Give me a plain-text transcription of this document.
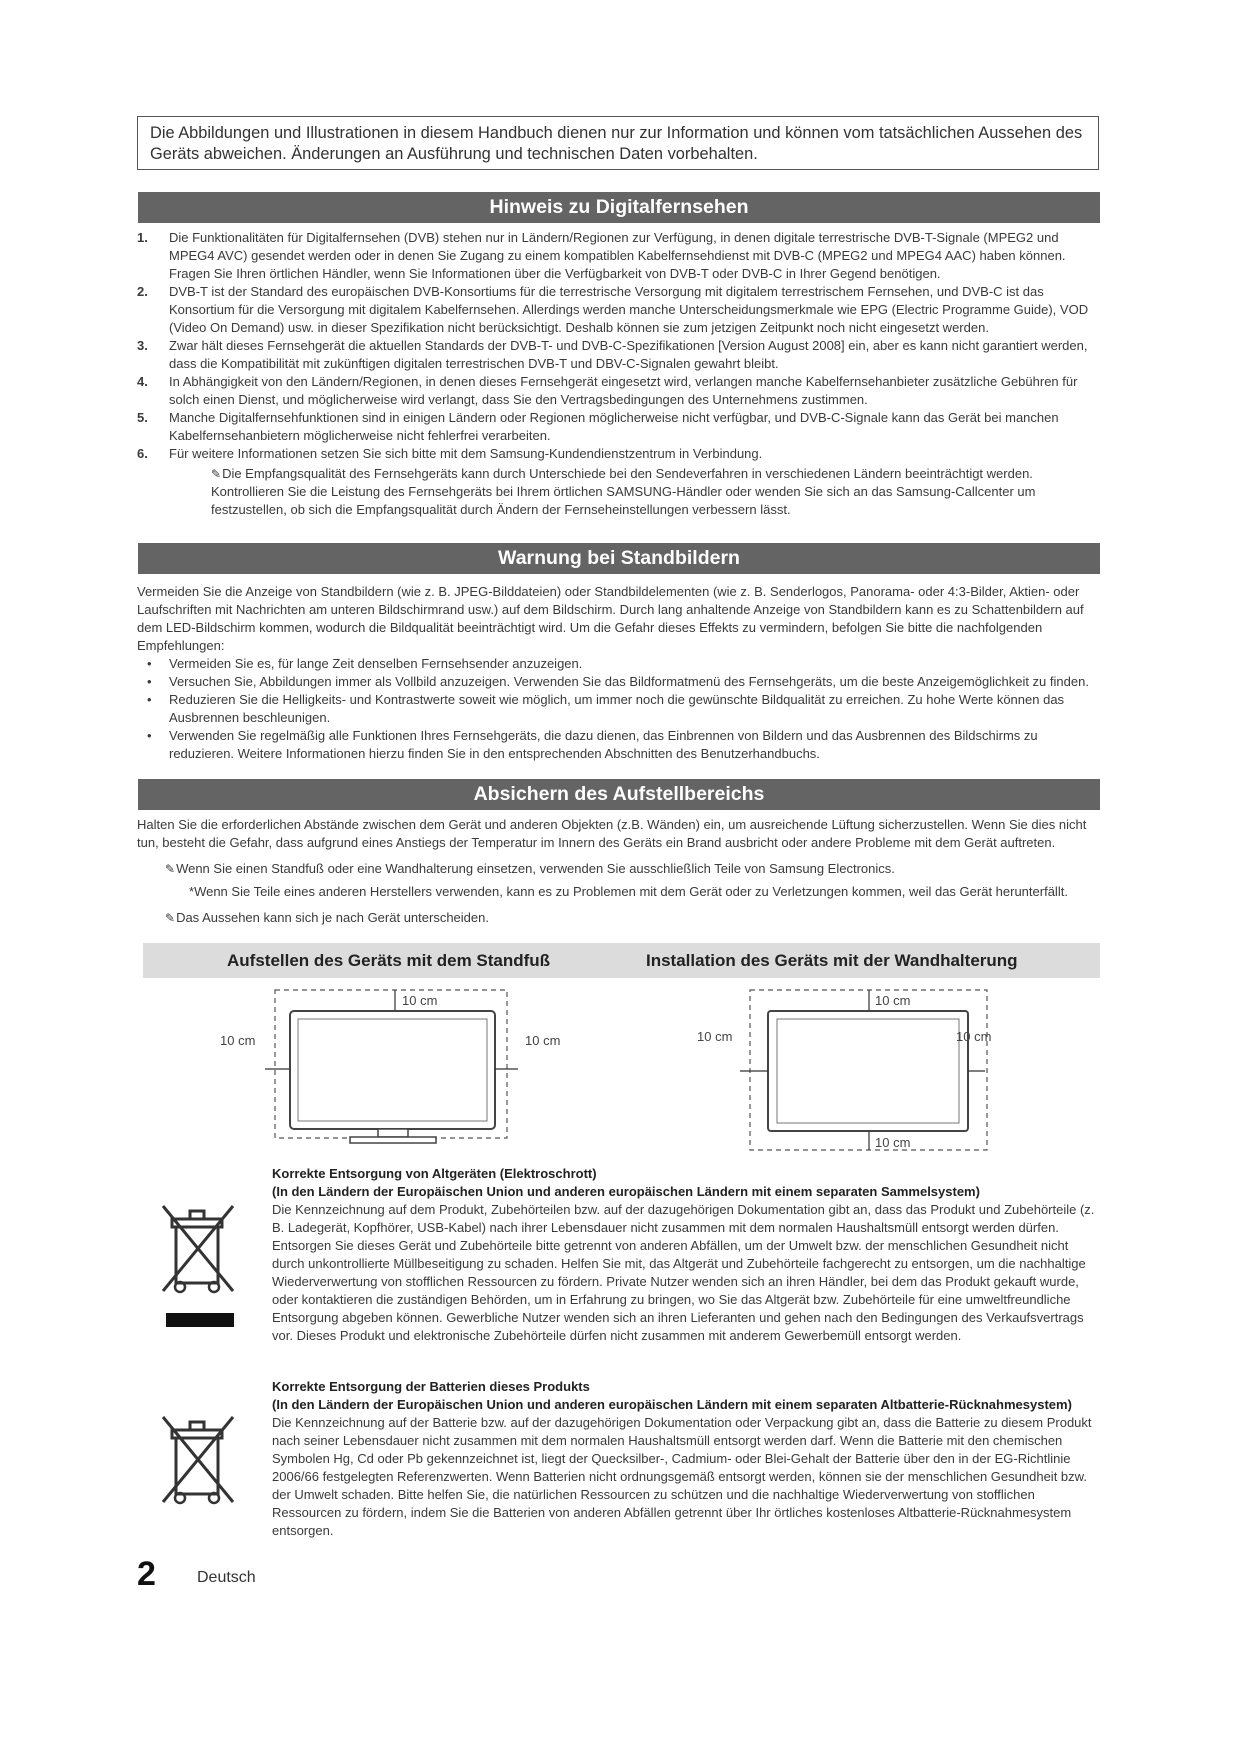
Die Abbildungen und Illustrationen in diesem Handbuch dienen nur zur Information und können vom tatsächlichen Aussehen des Geräts abweichen. Änderungen an Ausführung und technischen Daten vorbehalten.
Hinweis zu Digitalfernsehen
1. Die Funktionalitäten für Digitalfernsehen (DVB) stehen nur in Ländern/Regionen zur Verfügung, in denen digitale terrestrische DVB-T-Signale (MPEG2 und MPEG4 AVC) gesendet werden oder in denen Sie Zugang zu einem kompatiblen Kabelfernsehdienst mit DVB-C (MPEG2 und MPEG4 AAC) haben können. Fragen Sie Ihren örtlichen Händler, wenn Sie Informationen über die Verfügbarkeit von DVB-T oder DVB-C in Ihrer Gegend benötigen.
2. DVB-T ist der Standard des europäischen DVB-Konsortiums für die terrestrische Versorgung mit digitalem terrestrischem Fernsehen, und DVB-C ist das Konsortium für die Versorgung mit digitalem Kabelfernsehen. Allerdings werden manche Unterscheidungsmerkmale wie EPG (Electric Programme Guide), VOD (Video On Demand) usw. in dieser Spezifikation nicht berücksichtigt. Deshalb können sie zum jetzigen Zeitpunkt noch nicht eingesetzt werden.
3. Zwar hält dieses Fernsehgerät die aktuellen Standards der DVB-T- und DVB-C-Spezifikationen [Version August 2008] ein, aber es kann nicht garantiert werden, dass die Kompatibilität mit zukünftigen digitalen terrestrischen DVB-T und DBV-C-Signalen gewahrt bleibt.
4. In Abhängigkeit von den Ländern/Regionen, in denen dieses Fernsehgerät eingesetzt wird, verlangen manche Kabelfernsehanbieter zusätzliche Gebühren für solch einen Dienst, und möglicherweise wird verlangt, dass Sie den Vertragsbedingungen des Unternehmens zustimmen.
5. Manche Digitalfernsehfunktionen sind in einigen Ländern oder Regionen möglicherweise nicht verfügbar, und DVB-C-Signale kann das Gerät bei manchen Kabelfernsehanbietern möglicherweise nicht fehlerfrei verarbeiten.
6. Für weitere Informationen setzen Sie sich bitte mit dem Samsung-Kundendienstzentrum in Verbindung.
✎Die Empfangsqualität des Fernsehgeräts kann durch Unterschiede bei den Sendeverfahren in verschiedenen Ländern beeinträchtigt werden. Kontrollieren Sie die Leistung des Fernsehgeräts bei Ihrem örtlichen SAMSUNG-Händler oder wenden Sie sich an das Samsung-Callcenter um festzustellen, ob sich die Empfangsqualität durch Ändern der Fernseheinstellungen verbessern lässt.
Warnung bei Standbildern

Vermeiden Sie die Anzeige von Standbildern (wie z. B. JPEG-Bilddateien) oder Standbildelementen (wie z. B. Senderlogos, Panorama- oder 4:3-Bilder, Aktien- oder Laufschriften mit Nachrichten am unteren Bildschirmrand usw.) auf dem Bildschirm. Durch lang anhaltende Anzeige von Standbildern kann es zu Schattenbildern auf dem LED-Bildschirm kommen, wodurch die Bildqualität beeinträchtigt wird. Um die Gefahr dieses Effekts zu vermindern, befolgen Sie bitte die nachfolgenden Empfehlungen:

• Vermeiden Sie es, für lange Zeit denselben Fernsehsender anzuzeigen.
• Versuchen Sie, Abbildungen immer als Vollbild anzuzeigen. Verwenden Sie das Bildformatmenü des Fernsehgeräts, um die beste Anzeigemöglichkeit zu finden.
• Reduzieren Sie die Helligkeits- und Kontrastwerte soweit wie möglich, um immer noch die gewünschte Bildqualität zu erreichen. Zu hohe Werte können das Ausbrennen beschleunigen.
• Verwenden Sie regelmäßig alle Funktionen Ihres Fernsehgeräts, die dazu dienen, das Einbrennen von Bildern und das Ausbrennen des Bildschirms zu reduzieren. Weitere Informationen hierzu finden Sie in den entsprechenden Abschnitten des Benutzerhandbuchs.
Absichern des Aufstellbereichs

Halten Sie die erforderlichen Abstände zwischen dem Gerät und anderen Objekten (z.B. Wänden) ein, um ausreichende Lüftung sicherzustellen. Wenn Sie dies nicht tun, besteht die Gefahr, dass aufgrund eines Anstiegs der Temperatur im Innern des Geräts ein Brand ausbricht oder andere Probleme mit dem Gerät auftreten.

✎Wenn Sie einen Standfuß oder eine Wandhalterung einsetzen, verwenden Sie ausschließlich Teile von Samsung Electronics.
*Wenn Sie Teile eines anderen Herstellers verwenden, kann es zu Problemen mit dem Gerät oder zu Verletzungen kommen, weil das Gerät herunterfällt.
✎Das Aussehen kann sich je nach Gerät unterscheiden.
Aufstellen des Geräts mit dem Standfuß	Installation des Geräts mit der Wandhalterung
10 cm
10 cm	10 cm
10 cm
10 cm	10 cm
10 cm
Korrekte Entsorgung von Altgeräten (Elektroschrott)
(In den Ländern der Europäischen Union und anderen europäischen Ländern mit einem separaten Sammelsystem)

Die Kennzeichnung auf dem Produkt, Zubehörteilen bzw. auf der dazugehörigen Dokumentation gibt an, dass das Produkt und Zubehörteile (z. B. Ladegerät, Kopfhörer, USB-Kabel) nach ihrer Lebensdauer nicht zusammen mit dem normalen Haushaltsmüll entsorgt werden dürfen. Entsorgen Sie dieses Gerät und Zubehörteile bitte getrennt von anderen Abfällen, um der Umwelt bzw. der menschlichen Gesundheit nicht durch unkontrollierte Müllbeseitigung zu schaden. Helfen Sie mit, das Altgerät und Zubehörteile fachgerecht zu entsorgen, um die nachhaltige Wiederverwertung von stofflichen Ressourcen zu fördern. Private Nutzer wenden sich an ihren Händler, bei dem das Produkt gekauft wurde, oder kontaktieren die zuständigen Behörden, um in Erfahrung zu bringen, wo Sie das Altgerät bzw. Zubehörteile für eine umweltfreundliche Entsorgung abgeben können. Gewerbliche Nutzer wenden sich an ihren Lieferanten und gehen nach den Bedingungen des Verkaufsvertrags vor. Dieses Produkt und elektronische Zubehörteile dürfen nicht zusammen mit anderem Gewerbemüll entsorgt werden.

Korrekte Entsorgung der Batterien dieses Produkts
(In den Ländern der Europäischen Union und anderen europäischen Ländern mit einem separaten Altbatterie-Rücknahmesystem)

Die Kennzeichnung auf der Batterie bzw. auf der dazugehörigen Dokumentation oder Verpackung gibt an, dass die Batterie zu diesem Produkt nach seiner Lebensdauer nicht zusammen mit dem normalen Haushaltsmüll entsorgt werden darf. Wenn die Batterie mit den chemischen Symbolen Hg, Cd oder Pb gekennzeichnet ist, liegt der Quecksilber-, Cadmium- oder Blei-Gehalt der Batterie über den in der EG-Richtlinie 2006/66 festgelegten Referenzwerten. Wenn Batterien nicht ordnungsgemäß entsorgt werden, können sie der menschlichen Gesundheit bzw. der Umwelt schaden. Bitte helfen Sie, die natürlichen Ressourcen zu schützen und die nachhaltige Wiederverwertung von stofflichen Ressourcen zu fördern, indem Sie die Batterien von anderen Abfällen getrennt über Ihr örtliches kostenloses Altbatterie-Rücknahmesystem entsorgen.

2	Deutsch
